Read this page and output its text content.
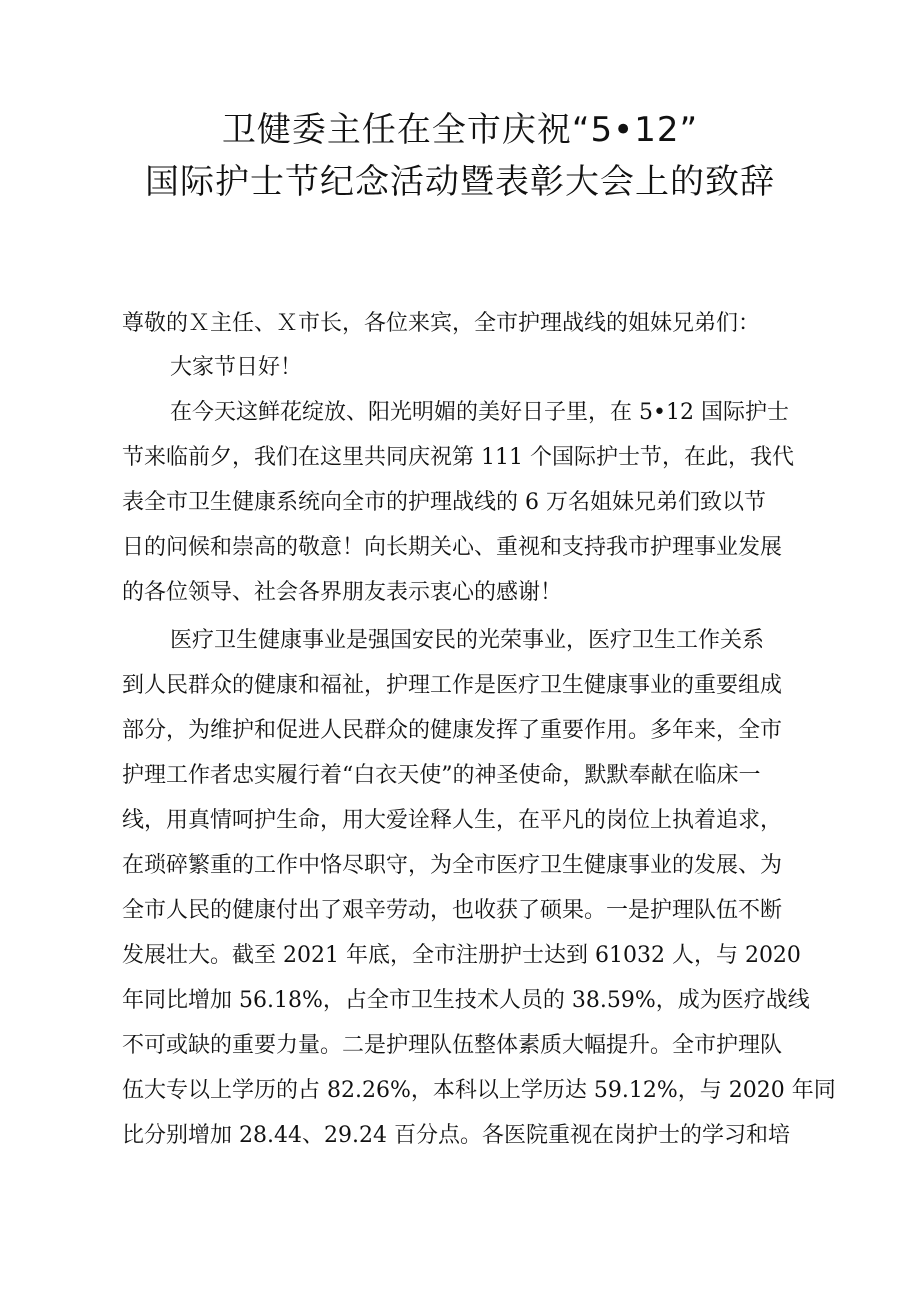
卫健委主任在全市庆祝“5•12”
国际护士节纪念活动暨表彰大会上的致辞

尊敬的Ｘ主任、Ｘ市长，各位来宾，全市护理战线的姐妹兄弟们：

大家节日好！

在今天这鲜花绽放、阳光明媚的美好日子里，在 5•12 国际护士

节来临前夕，我们在这里共同庆祝第 111 个国际护士节，在此，我代

表全市卫生健康系统向全市的护理战线的 6 万名姐妹兄弟们致以节

日的问候和崇高的敬意！向长期关心、重视和支持我市护理事业发展

的各位领导、社会各界朋友表示衷心的感谢！

医疗卫生健康事业是强国安民的光荣事业，医疗卫生工作关系

到人民群众的健康和福祉，护理工作是医疗卫生健康事业的重要组成

部分，为维护和促进人民群众的健康发挥了重要作用。多年来，全市

护理工作者忠实履行着“白衣天使”的神圣使命，默默奉献在临床一

线，用真情呵护生命，用大爱诠释人生，在平凡的岗位上执着追求，

在琐碎繁重的工作中恪尽职守，为全市医疗卫生健康事业的发展、为

全市人民的健康付出了艰辛劳动，也收获了硕果。一是护理队伍不断

发展壮大。截至 2021 年底，全市注册护士达到 61032 人，与 2020

年同比增加 56.18%，占全市卫生技术人员的 38.59%，成为医疗战线

不可或缺的重要力量。二是护理队伍整体素质大幅提升。全市护理队

伍大专以上学历的占 82.26%，本科以上学历达 59.12%，与 2020 年同

比分别增加 28.44、29.24 百分点。各医院重视在岗护士的学习和培
